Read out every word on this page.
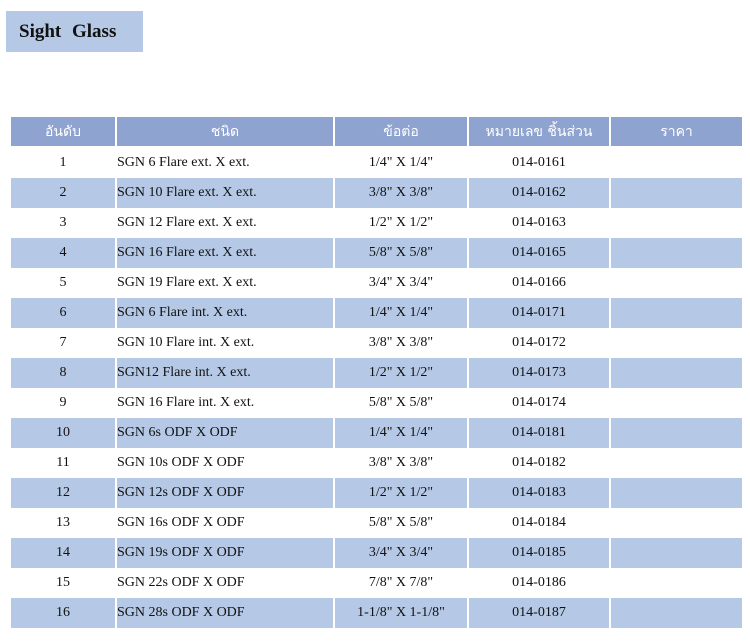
Sight Glass
อันดับ	ชนิด	ข้อต่อ	หมายเลข ชิ้นส่วน	ราคา
1	SGN 6 Flare ext. X ext.	1/4" X 1/4"	014-0161	
2	SGN 10 Flare ext. X ext.	3/8" X 3/8"	014-0162	
3	SGN 12 Flare ext. X ext.	1/2" X 1/2"	014-0163	
4	SGN 16 Flare ext. X ext.	5/8" X 5/8"	014-0165	
5	SGN 19 Flare ext. X ext.	3/4" X 3/4"	014-0166	
6	SGN 6 Flare int. X ext.	1/4" X 1/4"	014-0171	
7	SGN 10 Flare int. X ext.	3/8" X 3/8"	014-0172	
8	SGN12 Flare int. X ext.	1/2" X 1/2"	014-0173	
9	SGN 16 Flare int. X ext.	5/8" X 5/8"	014-0174	
10	SGN 6s ODF X ODF	1/4" X 1/4"	014-0181	
11	SGN 10s ODF X ODF	3/8" X 3/8"	014-0182	
12	SGN 12s ODF X ODF	1/2" X 1/2"	014-0183	
13	SGN 16s ODF X ODF	5/8" X 5/8"	014-0184	
14	SGN 19s ODF X ODF	3/4" X 3/4"	014-0185	
15	SGN 22s ODF X ODF	7/8" X 7/8"	014-0186	
16	SGN 28s ODF X ODF	1-1/8" X 1-1/8"	014-0187	
